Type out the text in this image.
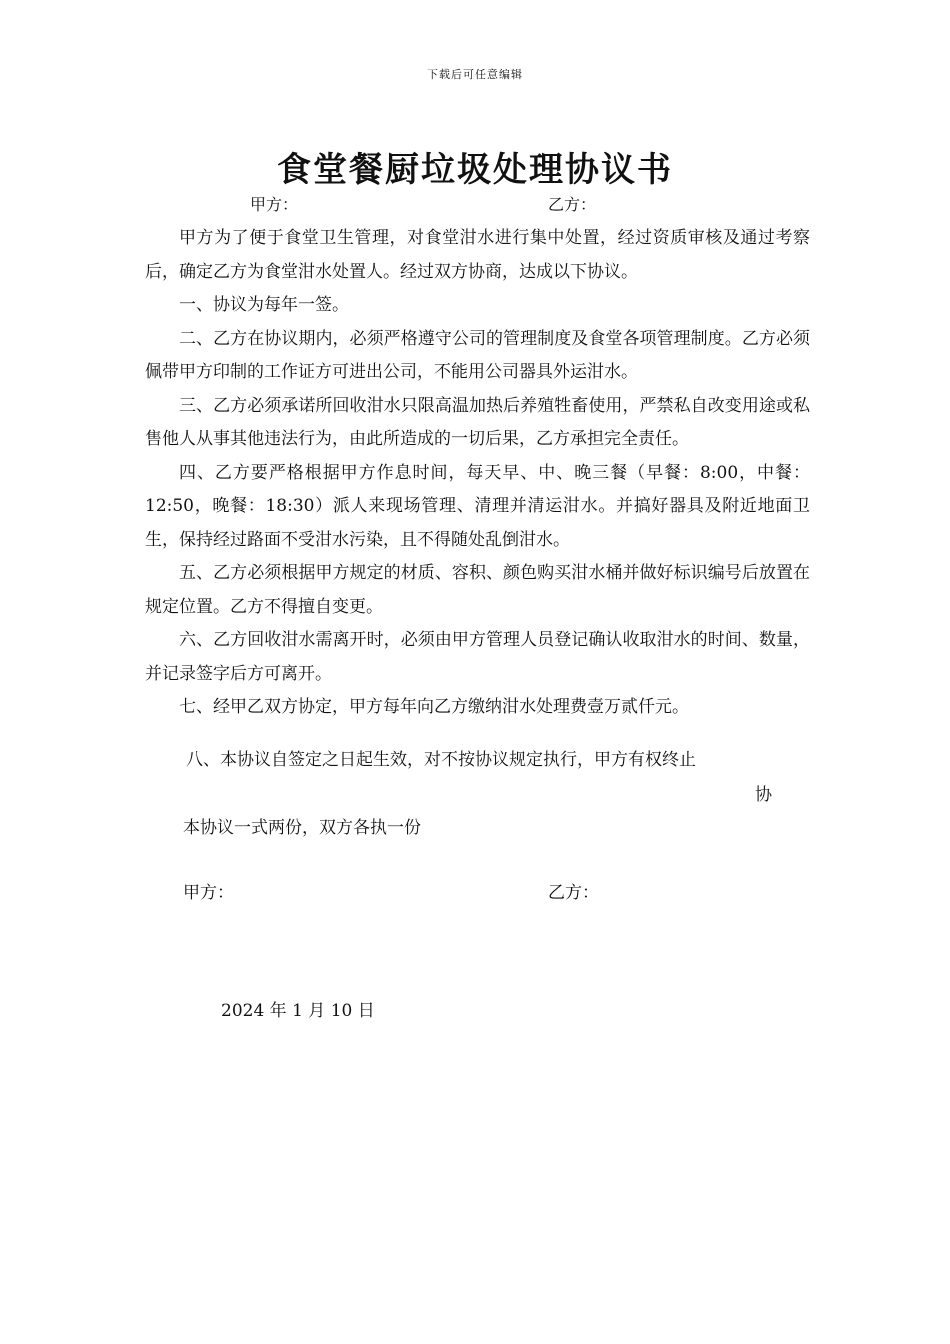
下载后可任意编辑
食堂餐厨垃圾处理协议书
甲方：	乙方：

甲方为了便于食堂卫生管理，对食堂泔水进行集中处置，经过资质审核及通过考察后，确定乙方为食堂泔水处置人。经过双方协商，达成以下协议。

一、协议为每年一签。

二、乙方在协议期内，必须严格遵守公司的管理制度及食堂各项管理制度。乙方必须佩带甲方印制的工作证方可进出公司，不能用公司器具外运泔水。

三、乙方必须承诺所回收泔水只限高温加热后养殖牲畜使用，严禁私自改变用途或私售他人从事其他违法行为，由此所造成的一切后果，乙方承担完全责任。

四、乙方要严格根据甲方作息时间，每天早、中、晚三餐（早餐：8:00，中餐：12:50，晚餐：18:30）派人来现场管理、清理并清运泔水。并搞好器具及附近地面卫生，保持经过路面不受泔水污染，且不得随处乱倒泔水。

五、乙方必须根据甲方规定的材质、容积、颜色购买泔水桶并做好标识编号后放置在规定位置。乙方不得擅自变更。

六、乙方回收泔水需离开时，必须由甲方管理人员登记确认收取泔水的时间、数量，并记录签字后方可离开。

七、经甲乙双方协定，甲方每年向乙方缴纳泔水处理费壹万贰仟元。

八、本协议自签定之日起生效，对不按协议规定执行，甲方有权终止
协
本协议一式两份，双方各执一份
甲方：	乙方：
2024 年 1 月 10 日
